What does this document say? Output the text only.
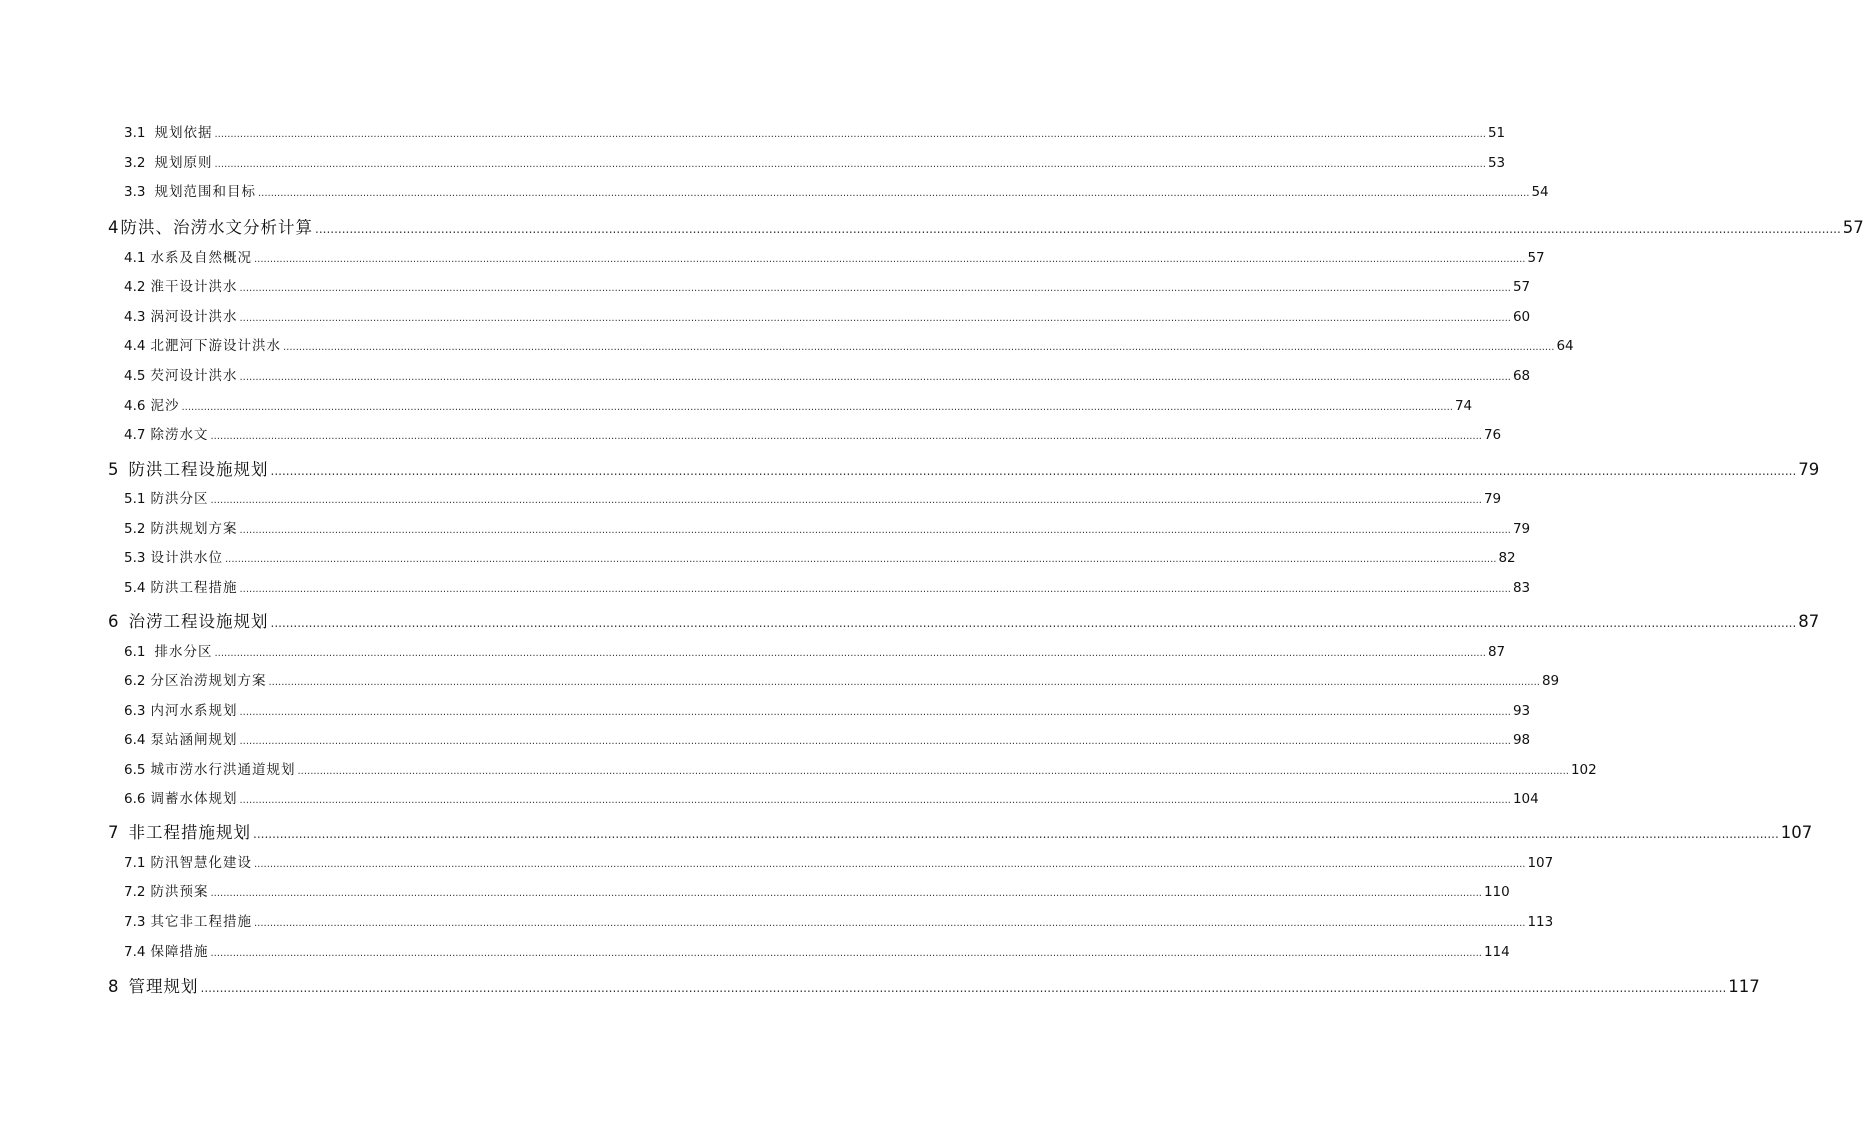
3.1 规划依据 ................................................................................................................................................................................................................................................................................................................................................................................................................ 51
3.2 规划原则 ................................................................................................................................................................................................................................................................................................................................................................................................................ 53
3.3 规划范围和目标 ................................................................................................................................................................................................................................................................................................................................................................................................................ 54
4 防洪、治涝水文分析计算 ................................................................................................................................................................................................................................................................................................................................................................................................................ 57
4.1 水系及自然概况 ................................................................................................................................................................................................................................................................................................................................................................................................................ 57
4.2 淮干设计洪水 ................................................................................................................................................................................................................................................................................................................................................................................................................ 57
4.3 涡河设计洪水 ................................................................................................................................................................................................................................................................................................................................................................................................................ 60
4.4 北淝河下游设计洪水 ................................................................................................................................................................................................................................................................................................................................................................................................................ 64
4.5 芡河设计洪水 ................................................................................................................................................................................................................................................................................................................................................................................................................ 68
4.6 泥沙 ................................................................................................................................................................................................................................................................................................................................................................................................................ 74
4.7 除涝水文 ................................................................................................................................................................................................................................................................................................................................................................................................................ 76
5 防洪工程设施规划 ................................................................................................................................................................................................................................................................................................................................................................................................................ 79
5.1 防洪分区 ................................................................................................................................................................................................................................................................................................................................................................................................................ 79
5.2 防洪规划方案 ................................................................................................................................................................................................................................................................................................................................................................................................................ 79
5.3 设计洪水位 ................................................................................................................................................................................................................................................................................................................................................................................................................ 82
5.4 防洪工程措施 ................................................................................................................................................................................................................................................................................................................................................................................................................ 83
6 治涝工程设施规划 ................................................................................................................................................................................................................................................................................................................................................................................................................ 87
6.1 排水分区 ................................................................................................................................................................................................................................................................................................................................................................................................................ 87
6.2 分区治涝规划方案 ................................................................................................................................................................................................................................................................................................................................................................................................................ 89
6.3 内河水系规划 ................................................................................................................................................................................................................................................................................................................................................................................................................ 93
6.4 泵站涵闸规划 ................................................................................................................................................................................................................................................................................................................................................................................................................ 98
6.5 城市涝水行洪通道规划 ................................................................................................................................................................................................................................................................................................................................................................................................................ 102
6.6 调蓄水体规划 ................................................................................................................................................................................................................................................................................................................................................................................................................ 104
7 非工程措施规划 ................................................................................................................................................................................................................................................................................................................................................................................................................ 107
7.1 防汛智慧化建设 ................................................................................................................................................................................................................................................................................................................................................................................................................ 107
7.2 防洪预案 ................................................................................................................................................................................................................................................................................................................................................................................................................ 110
7.3 其它非工程措施 ................................................................................................................................................................................................................................................................................................................................................................................................................ 113
7.4 保障措施 ................................................................................................................................................................................................................................................................................................................................................................................................................ 114
8 管理规划 ................................................................................................................................................................................................................................................................................................................................................................................................................ 117
